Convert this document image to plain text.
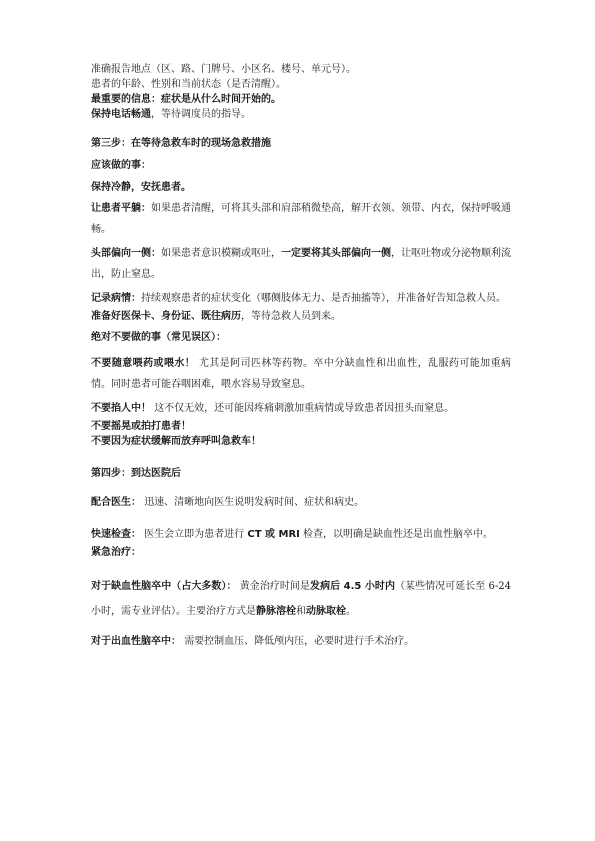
准确报告地点（区、路、门牌号、小区名、楼号、单元号）。

患者的年龄、性别和当前状态（是否清醒）。

最重要的信息：症状是从什么时间开始的。

保持电话畅通，等待调度员的指导。

第三步：在等待急救车时的现场急救措施

应该做的事：

保持冷静，安抚患者。

让患者平躺：如果患者清醒，可将其头部和肩部稍微垫高，解开衣领、领带、内衣，保持呼吸通畅。

头部偏向一侧：如果患者意识模糊或呕吐，一定要将其头部偏向一侧，让呕吐物或分泌物顺利流出，防止窒息。

记录病情：持续观察患者的症状变化（哪侧肢体无力、是否抽搐等），并准备好告知急救人员。

准备好医保卡、身份证、既往病历，等待急救人员到来。

绝对不要做的事（常见误区）：

不要随意喂药或喂水！ 尤其是阿司匹林等药物。卒中分缺血性和出血性，乱服药可能加重病情。同时患者可能吞咽困难，喂水容易导致窒息。

不要掐人中！ 这不仅无效，还可能因疼痛刺激加重病情或导致患者因扭头而窒息。

不要摇晃或拍打患者！

不要因为症状缓解而放弃呼叫急救车！

第四步：到达医院后

配合医生： 迅速、清晰地向医生说明发病时间、症状和病史。

快速检查： 医生会立即为患者进行 CT 或 MRI 检查，以明确是缺血性还是出血性脑卒中。

紧急治疗：

对于缺血性脑卒中（占大多数）： 黄金治疗时间是发病后 4.5 小时内（某些情况可延长至 6-24 小时，需专业评估）。主要治疗方式是静脉溶栓和动脉取栓。

对于出血性脑卒中： 需要控制血压、降低颅内压，必要时进行手术治疗。
